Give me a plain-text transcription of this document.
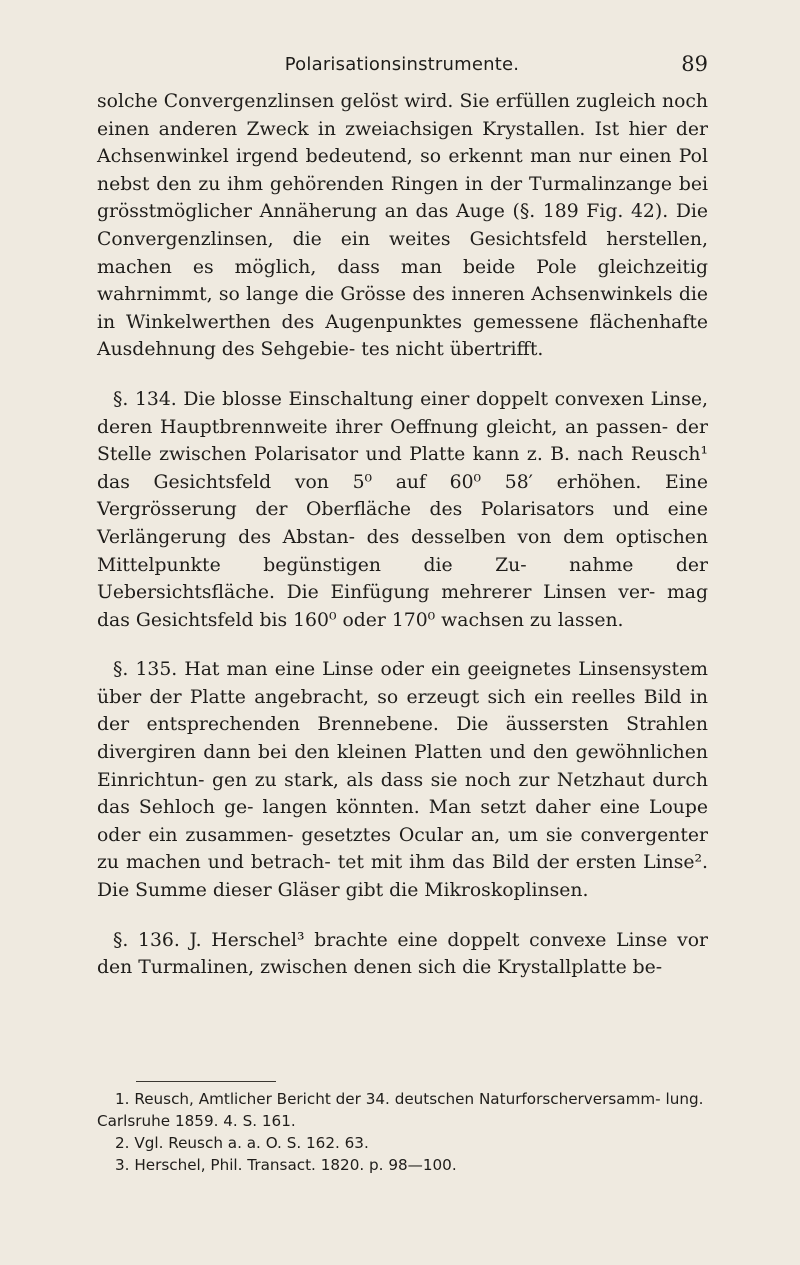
Polarisationsinstrumente.	89

solche Convergenzlinsen gelöst wird. Sie erfüllen zugleich noch einen anderen Zweck in zweiachsigen Krystallen. Ist hier der Achsenwinkel irgend bedeutend, so erkennt man nur einen Pol nebst den zu ihm gehörenden Ringen in der Turmalinzange bei grösstmöglicher Annäherung an das Auge (§. 189 Fig. 42). Die Convergenzlinsen, die ein weites Gesichtsfeld herstellen, machen es möglich, dass man beide Pole gleichzeitig wahrnimmt, so lange die Grösse des inneren Achsenwinkels die in Winkelwerthen des Augenpunktes gemessene flächenhafte Ausdehnung des Sehgebie- tes nicht übertrifft.

§. 134. Die blosse Einschaltung einer doppelt convexen Linse, deren Hauptbrennweite ihrer Oeffnung gleicht, an passen- der Stelle zwischen Polarisator und Platte kann z. B. nach Reusch¹ das Gesichtsfeld von 5⁰ auf 60⁰ 58′ erhöhen. Eine Vergrösserung der Oberfläche des Polarisators und eine Verlängerung des Abstan- des desselben von dem optischen Mittelpunkte begünstigen die Zu- nahme der Uebersichtsfläche. Die Einfügung mehrerer Linsen ver- mag das Gesichtsfeld bis 160⁰ oder 170⁰ wachsen zu lassen.

§. 135. Hat man eine Linse oder ein geeignetes Linsensystem über der Platte angebracht, so erzeugt sich ein reelles Bild in der entsprechenden Brennebene. Die äussersten Strahlen divergiren dann bei den kleinen Platten und den gewöhnlichen Einrichtun- gen zu stark, als dass sie noch zur Netzhaut durch das Sehloch ge- langen könnten. Man setzt daher eine Loupe oder ein zusammen- gesetztes Ocular an, um sie convergenter zu machen und betrach- tet mit ihm das Bild der ersten Linse². Die Summe dieser Gläser gibt die Mikroskoplinsen.

§. 136. J. Herschel³ brachte eine doppelt convexe Linse vor den Turmalinen, zwischen denen sich die Krystallplatte be-

1. Reusch, Amtlicher Bericht der 34. deutschen Naturforscherversamm- lung. Carlsruhe 1859. 4. S. 161.

2. Vgl. Reusch a. a. O. S. 162. 63.

3. Herschel, Phil. Transact. 1820. p. 98—100.
